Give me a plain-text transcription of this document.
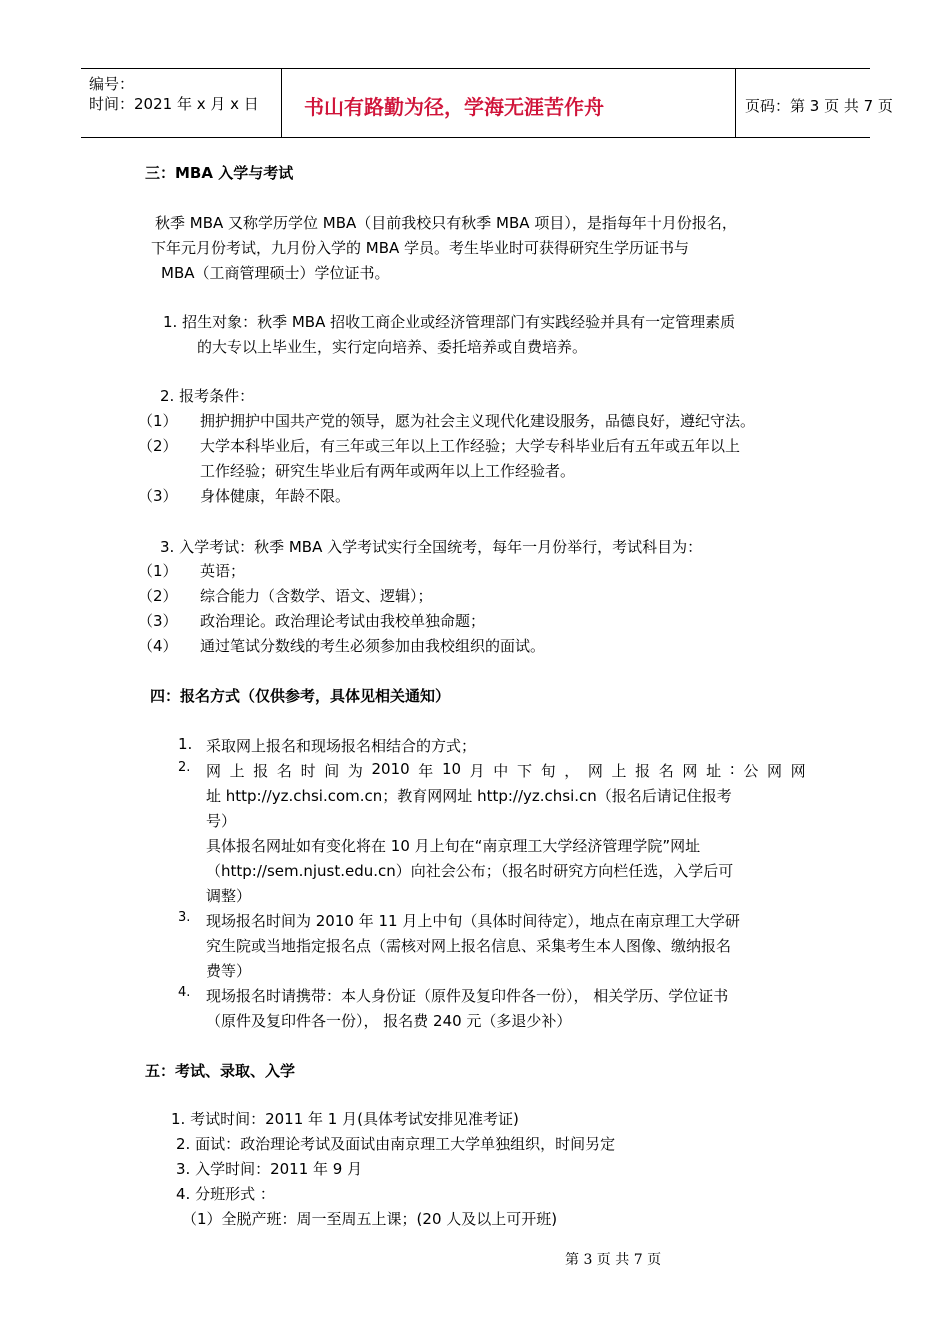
编号：
时间：2021 年 x 月 x 日 书山有路勤为径，学海无涯苦作舟	页码：第 3 页 共 7 页
三：MBA 入学与考试
秋季 MBA 又称学历学位 MBA（目前我校只有秋季 MBA 项目），是指每年十月份报名，
下年元月份考试，九月份入学的 MBA 学员。考生毕业时可获得研究生学历证书与
MBA（工商管理硕士）学位证书。
1. 招生对象：秋季 MBA 招收工商企业或经济管理部门有实践经验并具有一定管理素质
的大专以上毕业生，实行定向培养、委托培养或自费培养。
2. 报考条件：
（1） 拥护拥护中国共产党的领导，愿为社会主义现代化建设服务，品德良好，遵纪守法。
（2） 大学本科毕业后，有三年或三年以上工作经验；大学专科毕业后有五年或五年以上
工作经验；研究生毕业后有两年或两年以上工作经验者。
（3） 身体健康，年龄不限。
3. 入学考试：秋季 MBA 入学考试实行全国统考，每年一月份举行，考试科目为：
（1） 英语；
（2） 综合能力（含数学、语文、逻辑）；
（3） 政治理论。政治理论考试由我校单独命题；
（4） 通过笔试分数线的考生必须参加由我校组织的面试。
四：报名方式（仅供参考，具体见相关通知）
1. 采取网上报名和现场报名相结合的方式；
2. 网 上 报 名 时 间 为 2010 年 10 月 中 下 旬 ， 网 上 报 名 网 址 : 公 网 网
址 http://yz.chsi.com.cn；教育网网址 http://yz.chsi.cn（报名后请记住报考
号）
具体报名网址如有变化将在 10 月上旬在“南京理工大学经济管理学院”网址
（http://sem.njust.edu.cn）向社会公布；（报名时研究方向栏任选，入学后可
调整）
3. 现场报名时间为 2010 年 11 月上中旬（具体时间待定），地点在南京理工大学研
究生院或当地指定报名点（需核对网上报名信息、采集考生本人图像、缴纳报名
费等）
4. 现场报名时请携带：本人身份证（原件及复印件各一份）， 相关学历、学位证书
（原件及复印件各一份）， 报名费 240 元（多退少补）
五：考试、录取、入学
1. 考试时间：2011 年 1 月(具体考试安排见准考证)
2. 面试：政治理论考试及面试由南京理工大学单独组织，时间另定
3. 入学时间：2011 年 9 月
4. 分班形式 ：
（1）全脱产班：周一至周五上课；(20 人及以上可开班)
第 3 页 共 7 页
